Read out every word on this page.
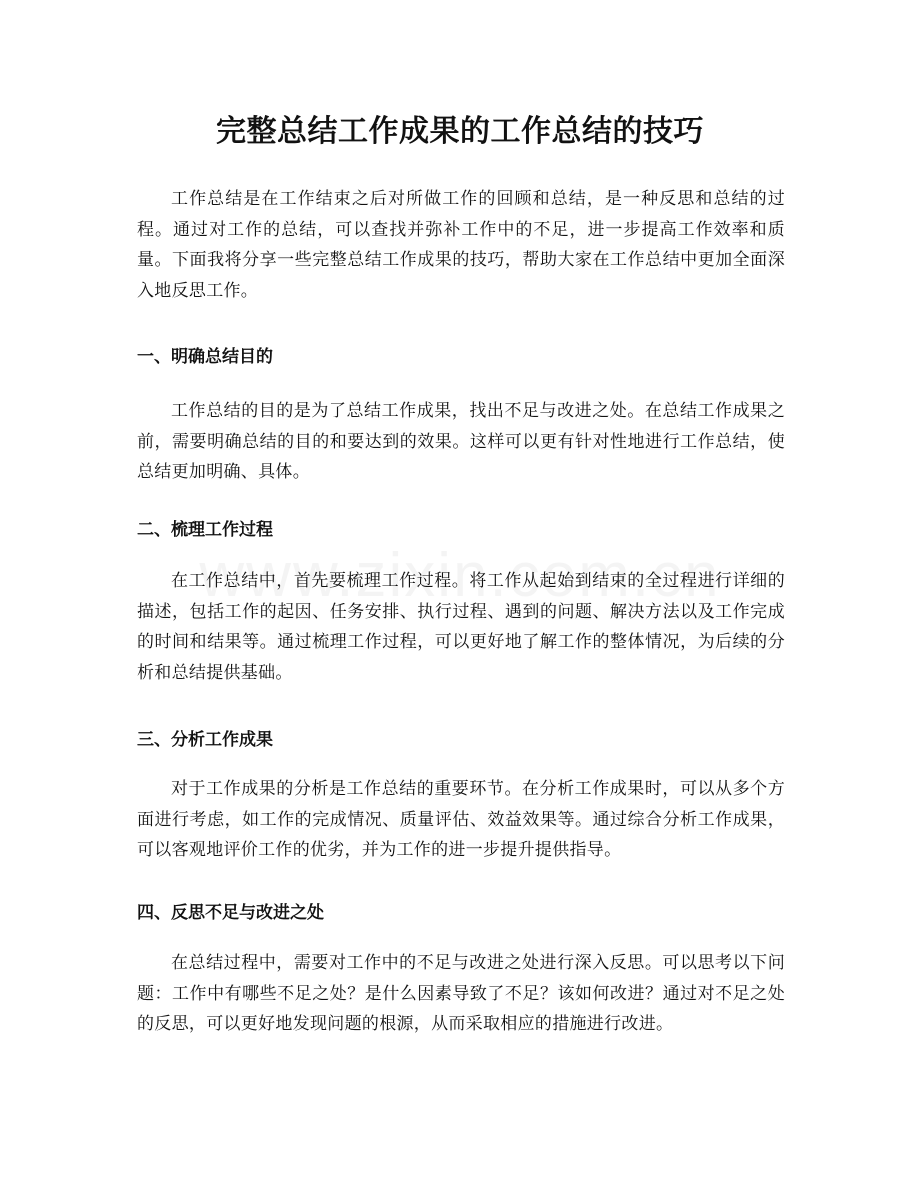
完整总结工作成果的工作总结的技巧

工作总结是在工作结束之后对所做工作的回顾和总结，是一种反思和总结的过程。通过对工作的总结，可以查找并弥补工作中的不足，进一步提高工作效率和质量。下面我将分享一些完整总结工作成果的技巧，帮助大家在工作总结中更加全面深入地反思工作。

一、明确总结目的

工作总结的目的是为了总结工作成果，找出不足与改进之处。在总结工作成果之前，需要明确总结的目的和要达到的效果。这样可以更有针对性地进行工作总结，使总结更加明确、具体。

二、梳理工作过程

在工作总结中，首先要梳理工作过程。将工作从起始到结束的全过程进行详细的描述，包括工作的起因、任务安排、执行过程、遇到的问题、解决方法以及工作完成的时间和结果等。通过梳理工作过程，可以更好地了解工作的整体情况，为后续的分析和总结提供基础。

三、分析工作成果

对于工作成果的分析是工作总结的重要环节。在分析工作成果时，可以从多个方面进行考虑，如工作的完成情况、质量评估、效益效果等。通过综合分析工作成果，可以客观地评价工作的优劣，并为工作的进一步提升提供指导。

四、反思不足与改进之处

在总结过程中，需要对工作中的不足与改进之处进行深入反思。可以思考以下问题：工作中有哪些不足之处？是什么因素导致了不足？该如何改进？通过对不足之处的反思，可以更好地发现问题的根源，从而采取相应的措施进行改进。
